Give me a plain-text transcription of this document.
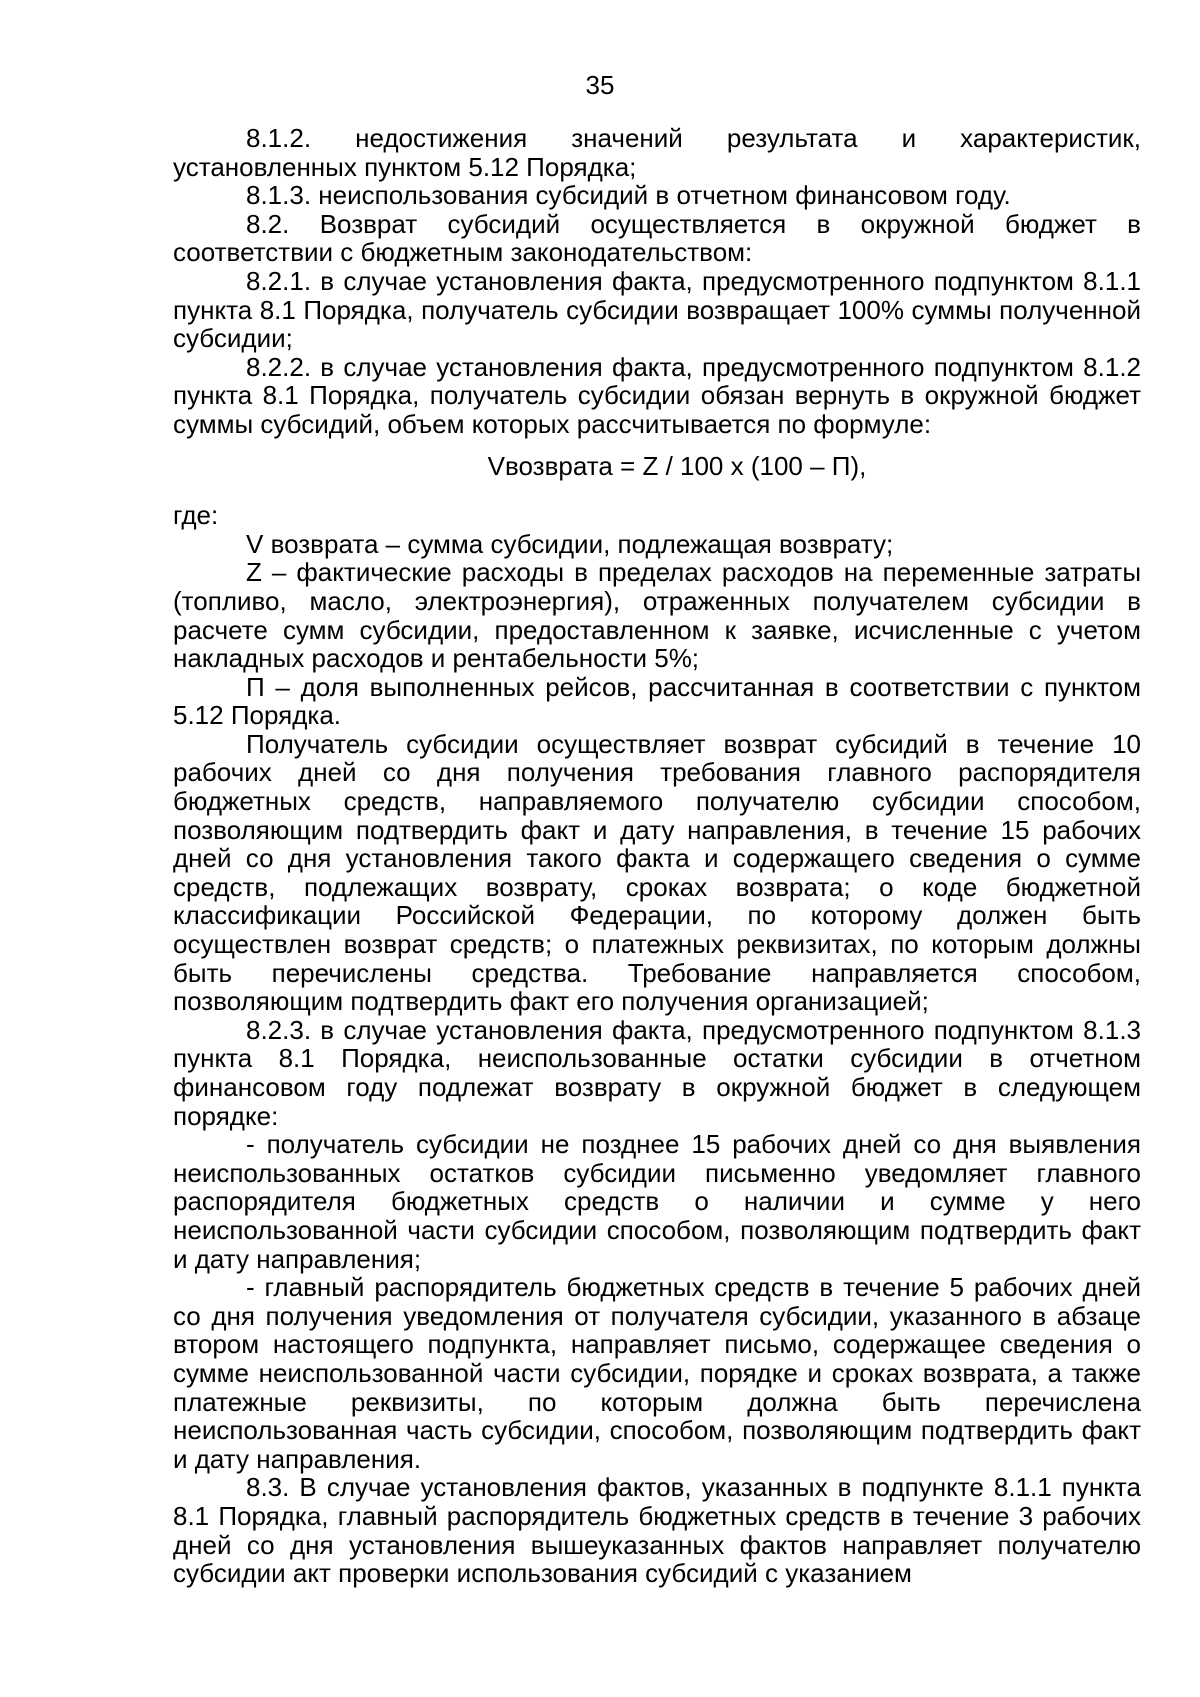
35

8.1.2. недостижения значений результата и характеристик, установленных пунктом 5.12 Порядка;

8.1.3. неиспользования субсидий в отчетном финансовом году.

8.2. Возврат субсидий осуществляется в окружной бюджет в соответствии с бюджетным законодательством:

8.2.1. в случае установления факта, предусмотренного подпунктом 8.1.1 пункта 8.1 Порядка, получатель субсидии возвращает 100% суммы полученной субсидии;

8.2.2. в случае установления факта, предусмотренного подпунктом 8.1.2 пункта 8.1 Порядка, получатель субсидии обязан вернуть в окружной бюджет суммы субсидий, объем которых рассчитывается по формуле:

Vвозврата = Z / 100 x (100 – П),

где:

V возврата – сумма субсидии, подлежащая возврату;

Z – фактические расходы в пределах расходов на переменные затраты (топливо, масло, электроэнергия), отраженных получателем субсидии в расчете сумм субсидии, предоставленном к заявке, исчисленные с учетом накладных расходов и рентабельности 5%;

П – доля выполненных рейсов, рассчитанная в соответствии с пунктом 5.12 Порядка.

Получатель субсидии осуществляет возврат субсидий в течение 10 рабочих дней со дня получения требования главного распорядителя бюджетных средств, направляемого получателю субсидии способом, позволяющим подтвердить факт и дату направления, в течение 15 рабочих дней со дня установления такого факта и содержащего сведения о сумме средств, подлежащих возврату, сроках возврата; о коде бюджетной классификации Российской Федерации, по которому должен быть осуществлен возврат средств; о платежных реквизитах, по которым должны быть перечислены средства. Требование направляется способом, позволяющим подтвердить факт его получения организацией;

8.2.3. в случае установления факта, предусмотренного подпунктом 8.1.3 пункта 8.1 Порядка, неиспользованные остатки субсидии в отчетном финансовом году подлежат возврату в окружной бюджет в следующем порядке:

- получатель субсидии не позднее 15 рабочих дней со дня выявления неиспользованных остатков субсидии письменно уведомляет главного распорядителя бюджетных средств о наличии и сумме у него неиспользованной части субсидии способом, позволяющим подтвердить факт и дату направления;

- главный распорядитель бюджетных средств в течение 5 рабочих дней со дня получения уведомления от получателя субсидии, указанного в абзаце втором настоящего подпункта, направляет письмо, содержащее сведения о сумме неиспользованной части субсидии, порядке и сроках возврата, а также платежные реквизиты, по которым должна быть перечислена неиспользованная часть субсидии, способом, позволяющим подтвердить факт и дату направления.

8.3. В случае установления фактов, указанных в подпункте 8.1.1 пункта 8.1 Порядка, главный распорядитель бюджетных средств в течение 3 рабочих дней со дня установления вышеуказанных фактов направляет получателю субсидии акт проверки использования субсидий с указанием
